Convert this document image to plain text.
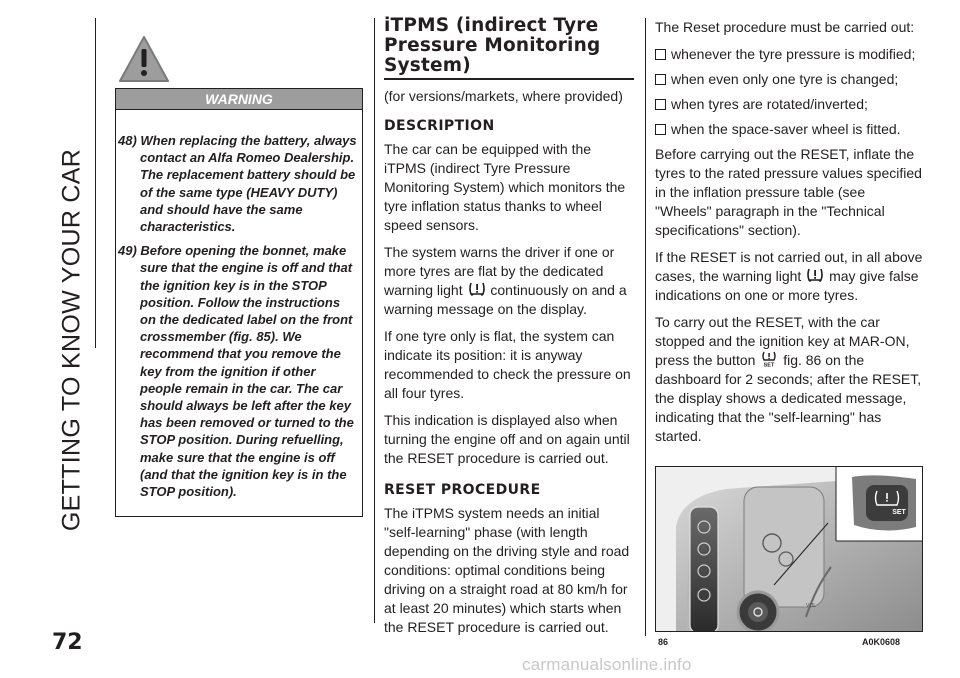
GETTING TO KNOW YOUR CAR
72
WARNING

48) When replacing the battery, always contact an Alfa Romeo Dealership. The replacement battery should be of the same type (HEAVY DUTY) and should have the same characteristics.

49) Before opening the bonnet, make sure that the engine is off and that the ignition key is in the STOP position. Follow the instructions on the dedicated label on the front crossmember (fig. 85). We recommend that you remove the key from the ignition if other people remain in the car. The car should always be left after the key has been removed or turned to the STOP position. During refuelling, make sure that the engine is off (and that the ignition key is in the STOP position).

iTPMS (indirect Tyre Pressure Monitoring System)

(for versions/markets, where provided)

DESCRIPTION

The car can be equipped with the iTPMS (indirect Tyre Pressure Monitoring System) which monitors the tyre inflation status thanks to wheel speed sensors.

The system warns the driver if one or more tyres are flat by the dedicated warning light continuously on and a warning message on the display.

If one tyre only is flat, the system can indicate its position: it is anyway recommended to check the pressure on all four tyres.

This indication is displayed also when turning the engine off and on again until the RESET procedure is carried out.

RESET PROCEDURE

The iTPMS system needs an initial "self-learning" phase (with length depending on the driving style and road conditions: optimal conditions being driving on a straight road at 80 km/h for at least 20 minutes) which starts when the RESET procedure is carried out.

The Reset procedure must be carried out:

whenever the tyre pressure is modified;

when even only one tyre is changed;

when tyres are rotated/inverted;

when the space-saver wheel is fitted.

Before carrying out the RESET, inflate the tyres to the rated pressure values specified in the inflation pressure table (see "Wheels" paragraph in the "Technical specifications" section).

If the RESET is not carried out, in all above cases, the warning light may give false indications on one or more tyres.

To carry out the RESET, with the car stopped and the ignition key at MAR-ON, press the button SET fig. 86 on the dashboard for 2 seconds; after the RESET, the display shows a dedicated message, indicating that the "self-learning" has started.

VOL
SET
86	A0K0608
carmanualsonline.info
